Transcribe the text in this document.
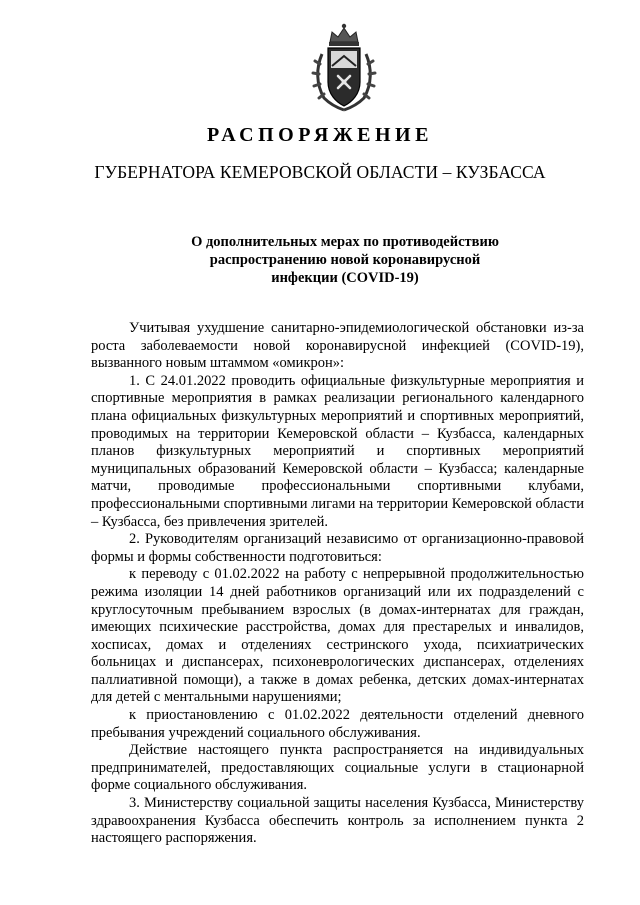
РАСПОРЯЖЕНИЕ
ГУБЕРНАТОРА КЕМЕРОВСКОЙ ОБЛАСТИ – КУЗБАССА
О дополнительных мерах по противодействию
распространению новой коронавирусной
инфекции (COVID-19)

Учитывая ухудшение санитарно-эпидемиологической обстановки из-за роста заболеваемости новой коронавирусной инфекцией (COVID-19), вызванного новым штаммом «омикрон»:

1. С 24.01.2022 проводить официальные физкультурные мероприятия и спортивные мероприятия в рамках реализации регионального календарного плана официальных физкультурных мероприятий и спортивных мероприятий, проводимых на территории Кемеровской области – Кузбасса, календарных планов физкультурных мероприятий и спортивных мероприятий муниципальных образований Кемеровской области – Кузбасса; календарные матчи, проводимые профессиональными спортивными клубами, профессиональными спортивными лигами на территории Кемеровской области – Кузбасса, без привлечения зрителей.

2. Руководителям организаций независимо от организационно-правовой формы и формы собственности подготовиться:

к переводу с 01.02.2022 на работу с непрерывной продолжительностью режима изоляции 14 дней работников организаций или их подразделений с круглосуточным пребыванием взрослых (в домах-интернатах для граждан, имеющих психические расстройства, домах для престарелых и инвалидов, хосписах, домах и отделениях сестринского ухода, психиатрических больницах и диспансерах, психоневрологических диспансерах, отделениях паллиативной помощи), а также в домах ребенка, детских домах-интернатах для детей с ментальными нарушениями;

к приостановлению с 01.02.2022 деятельности отделений дневного пребывания учреждений социального обслуживания.

Действие настоящего пункта распространяется на индивидуальных предпринимателей, предоставляющих социальные услуги в стационарной форме социального обслуживания.

3. Министерству социальной защиты населения Кузбасса, Министерству здравоохранения Кузбасса обеспечить контроль за исполнением пункта 2 настоящего распоряжения.
